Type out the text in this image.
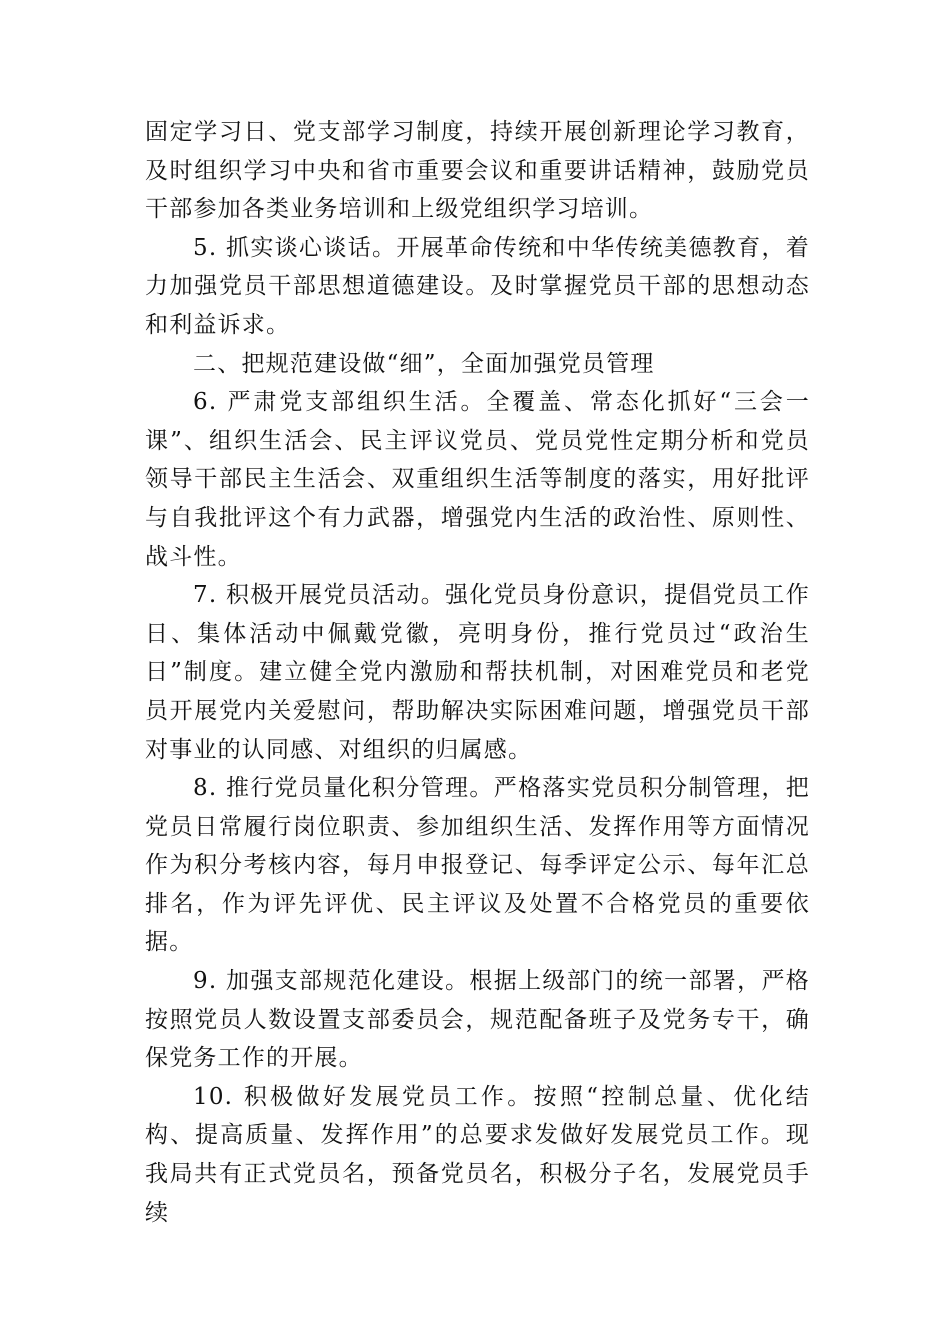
固定学习日、党支部学习制度，持续开展创新理论学习教育，及时组织学习中央和省市重要会议和重要讲话精神，鼓励党员干部参加各类业务培训和上级党组织学习培训。

5. 抓实谈心谈话。开展革命传统和中华传统美德教育，着力加强党员干部思想道德建设。及时掌握党员干部的思想动态和利益诉求。

二、把规范建设做“细”，全面加强党员管理

6. 严肃党支部组织生活。全覆盖、常态化抓好“三会一课”、组织生活会、民主评议党员、党员党性定期分析和党员领导干部民主生活会、双重组织生活等制度的落实，用好批评与自我批评这个有力武器，增强党内生活的政治性、原则性、战斗性。

7. 积极开展党员活动。强化党员身份意识，提倡党员工作日、集体活动中佩戴党徽，亮明身份，推行党员过“政治生日”制度。建立健全党内激励和帮扶机制，对困难党员和老党员开展党内关爱慰问，帮助解决实际困难问题，增强党员干部对事业的认同感、对组织的归属感。

8. 推行党员量化积分管理。严格落实党员积分制管理，把党员日常履行岗位职责、参加组织生活、发挥作用等方面情况作为积分考核内容，每月申报登记、每季评定公示、每年汇总排名，作为评先评优、民主评议及处置不合格党员的重要依据。

9. 加强支部规范化建设。根据上级部门的统一部署，严格按照党员人数设置支部委员会，规范配备班子及党务专干，确保党务工作的开展。

10. 积极做好发展党员工作。按照“控制总量、优化结构、提高质量、发挥作用”的总要求发做好发展党员工作。现我局共有正式党员名，预备党员名，积极分子名，发展党员手续
